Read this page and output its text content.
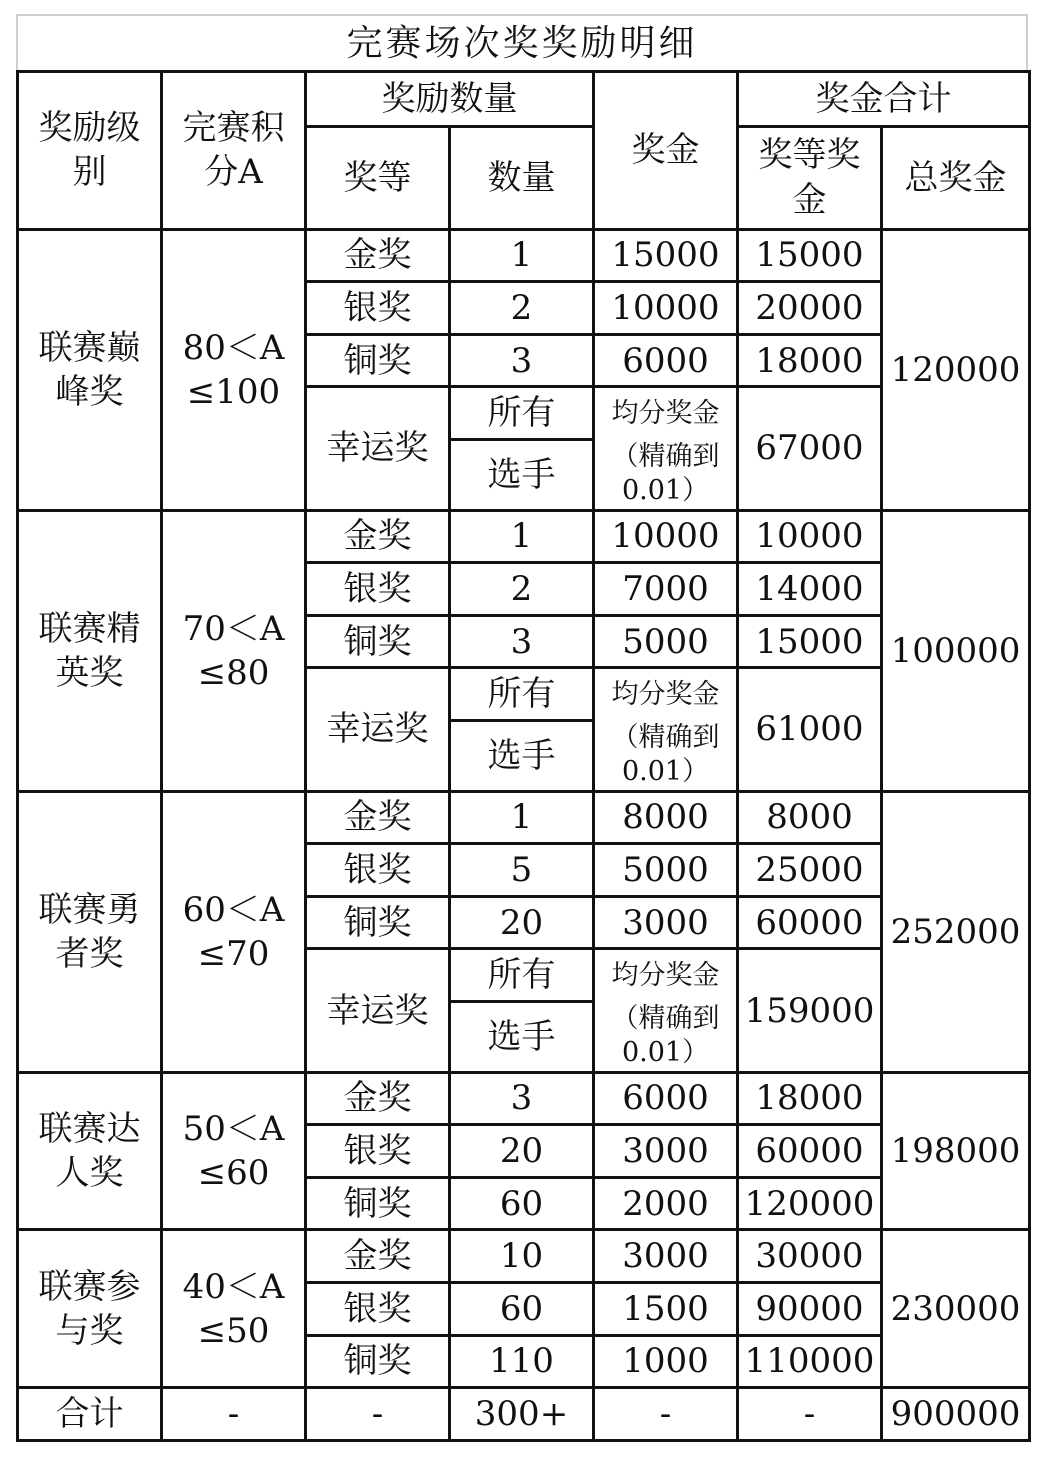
完赛场次奖奖励明细
奖励级别	完赛积分A	奖励数量		奖金	奖金合计	
		奖等	数量		奖等奖金	总奖金

联赛巅峰奖	80＜A≤100	金奖	1	15000	15000	120000
		银奖	2	10000	20000	
		铜奖	3	6000	18000	
		幸运奖	所有	均分奖金	67000	
			选手	（精确到0.01）		

联赛精英奖	70＜A≤80	金奖	1	10000	10000	100000
		银奖	2	7000	14000	
		铜奖	3	5000	15000	
		幸运奖	所有	均分奖金	61000	
			选手	（精确到0.01）		

联赛勇者奖	60＜A≤70	金奖	1	8000	8000	252000
		银奖	5	5000	25000	
		铜奖	20	3000	60000	
		幸运奖	所有	均分奖金	159000	
			选手	（精确到0.01）		

联赛达人奖	50＜A≤60	金奖	3	6000	18000	198000
		银奖	20	3000	60000	
		铜奖	60	2000	120000	

联赛参与奖	40＜A≤50	金奖	10	3000	30000	230000
		银奖	60	1500	90000	
		铜奖	110	1000	110000	
合计	-	-	300+	-	-	900000
